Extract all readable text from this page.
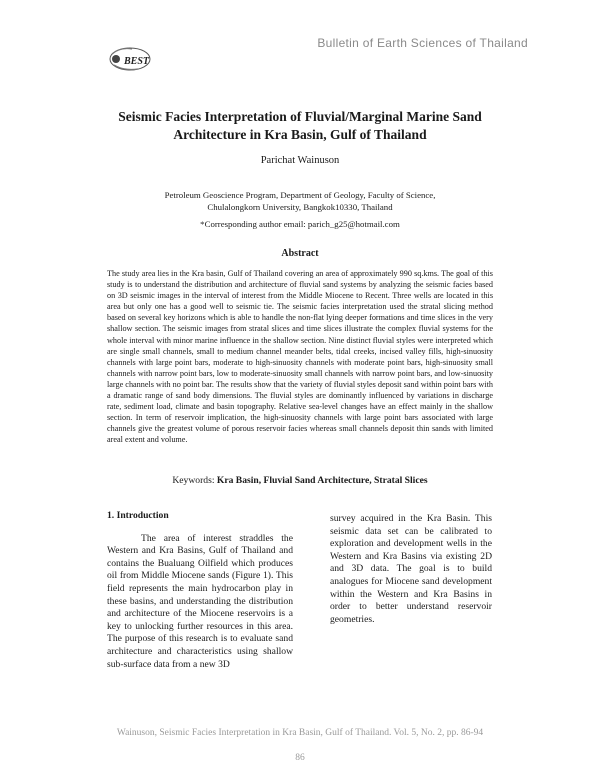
Bulletin of Earth Sciences of Thailand
BEST
Seismic Facies Interpretation of Fluvial/Marginal Marine Sand Architecture in Kra Basin, Gulf of Thailand
Parichat Wainuson
Petroleum Geoscience Program, Department of Geology, Faculty of Science,
Chulalongkorn University, Bangkok10330, Thailand
*Corresponding author email: parich_g25@hotmail.com
Abstract
The study area lies in the Kra basin, Gulf of Thailand covering an area of approximately 990 sq.kms. The goal of this study is to understand the distribution and architecture of fluvial sand systems by analyzing the seismic facies based on 3D seismic images in the interval of interest from the Middle Miocene to Recent. Three wells are located in this area but only one has a good well to seismic tie. The seismic facies interpretation used the stratal slicing method based on several key horizons which is able to handle the non-flat lying deeper formations and time slices in the very shallow section. The seismic images from stratal slices and time slices illustrate the complex fluvial systems for the whole interval with minor marine influence in the shallow section. Nine distinct fluvial styles were interpreted which are single small channels, small to medium channel meander belts, tidal creeks, incised valley fills, high-sinuosity channels with large point bars, moderate to high-sinuosity channels with moderate point bars, high-sinuosity small channels with narrow point bars, low to moderate-sinuosity small channels with narrow point bars, and low-sinuosity large channels with no point bar. The results show that the variety of fluvial styles deposit sand within point bars with a dramatic range of sand body dimensions. The fluvial styles are dominantly influenced by variations in discharge rate, sediment load, climate and basin topography. Relative sea-level changes have an effect mainly in the shallow section. In term of reservoir implication, the high-sinuosity channels with large point bars associated with large channels give the greatest volume of porous reservoir facies whereas small channels deposit thin sands with limited areal extent and volume.
Keywords: Kra Basin, Fluvial Sand Architecture, Stratal Slices
1. Introduction

The area of interest straddles the Western and Kra Basins, Gulf of Thailand and contains the Bualuang Oilfield which produces oil from Middle Miocene sands (Figure 1). This field represents the main hydrocarbon play in these basins, and understanding the distribution and architecture of the Miocene reservoirs is a key to unlocking further resources in this area. The purpose of this research is to evaluate sand architecture and characteristics using shallow sub-surface data from a new 3D

survey acquired in the Kra Basin. This seismic data set can be calibrated to exploration and development wells in the Western and Kra Basins via existing 2D and 3D data. The goal is to build analogues for Miocene sand development within the Western and Kra Basins in order to better understand reservoir geometries.

Wainuson, Seismic Facies Interpretation in Kra Basin, Gulf of Thailand. Vol. 5, No. 2, pp. 86-94
86
